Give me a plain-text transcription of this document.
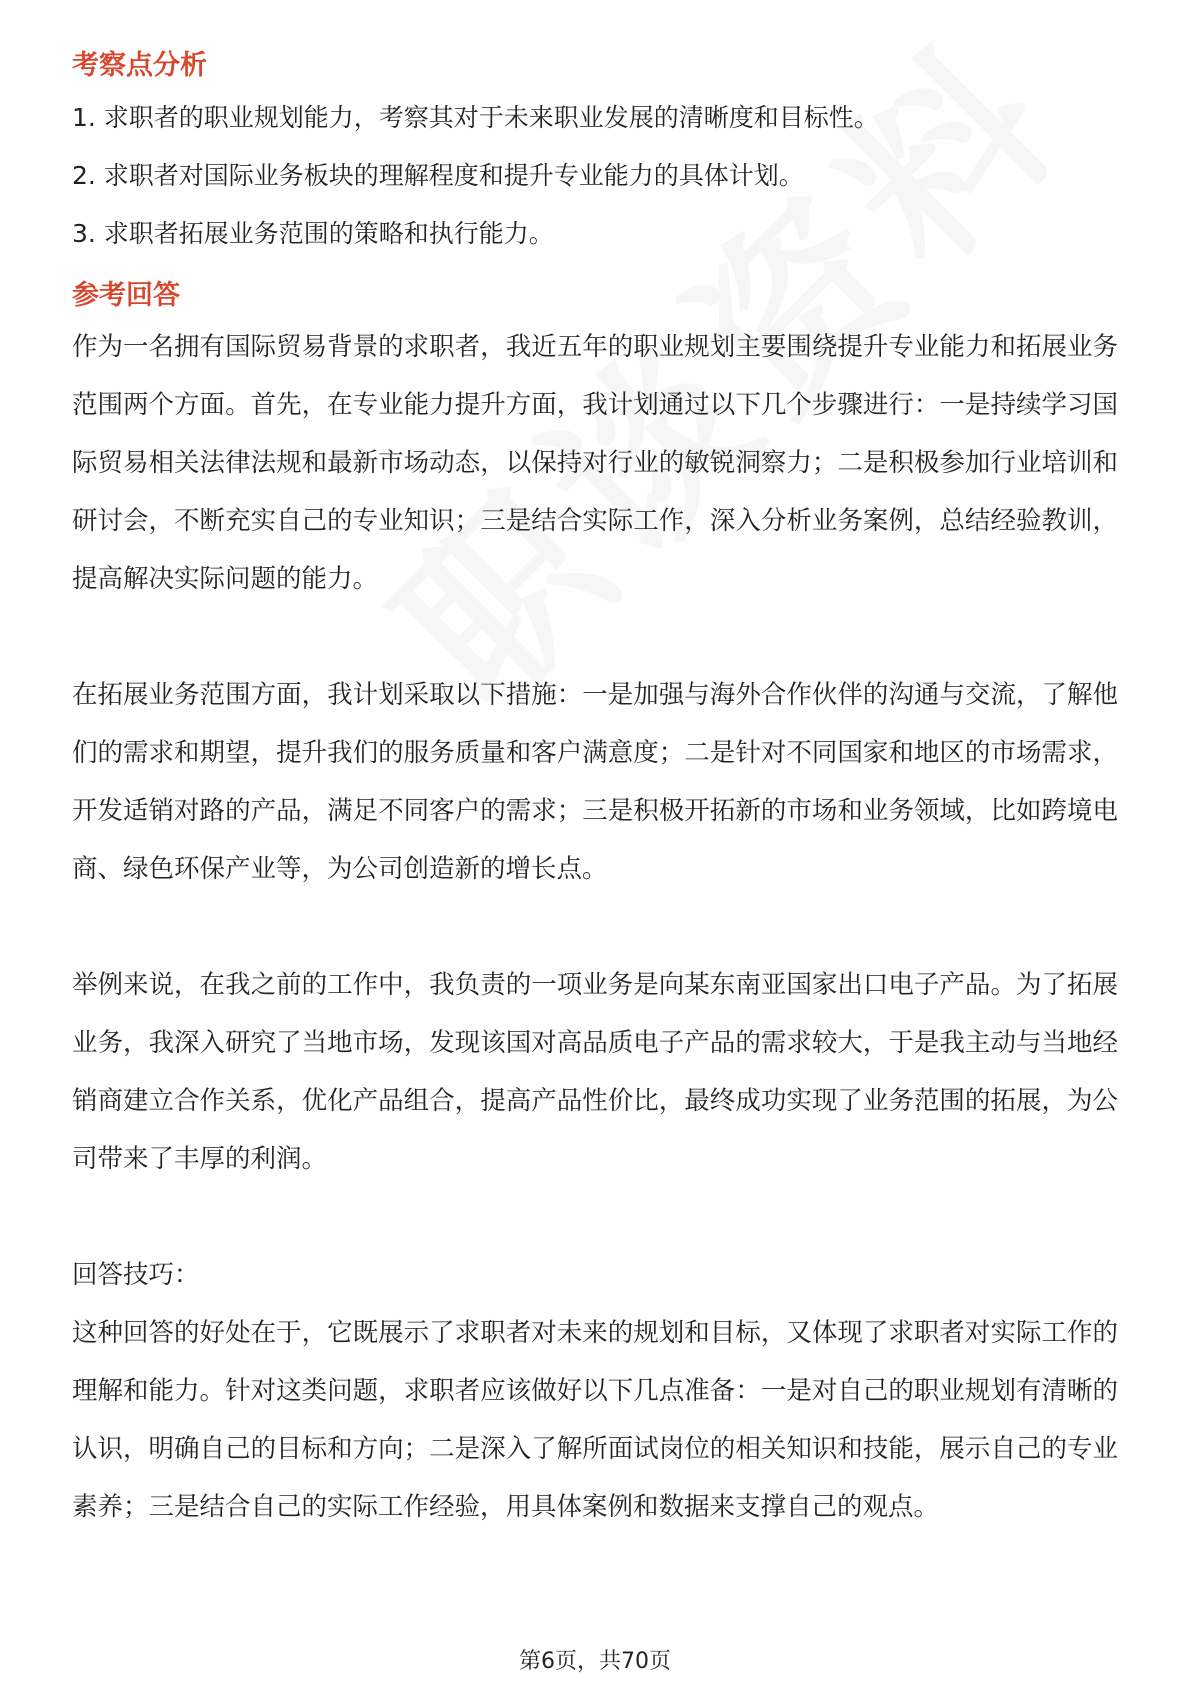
考察点分析

1. 求职者的职业规划能力，考察其对于未来职业发展的清晰度和目标性。

2. 求职者对国际业务板块的理解程度和提升专业能力的具体计划。

3. 求职者拓展业务范围的策略和执行能力。

参考回答

作为一名拥有国际贸易背景的求职者，我近五年的职业规划主要围绕提升专业能力和拓展业务范围两个方面。首先，在专业能力提升方面，我计划通过以下几个步骤进行：一是持续学习国际贸易相关法律法规和最新市场动态，以保持对行业的敏锐洞察力；二是积极参加行业培训和研讨会，不断充实自己的专业知识；三是结合实际工作，深入分析业务案例，总结经验教训，提高解决实际问题的能力。

在拓展业务范围方面，我计划采取以下措施：一是加强与海外合作伙伴的沟通与交流，了解他们的需求和期望，提升我们的服务质量和客户满意度；二是针对不同国家和地区的市场需求，开发适销对路的产品，满足不同客户的需求；三是积极开拓新的市场和业务领域，比如跨境电商、绿色环保产业等，为公司创造新的增长点。

举例来说，在我之前的工作中，我负责的一项业务是向某东南亚国家出口电子产品。为了拓展业务，我深入研究了当地市场，发现该国对高品质电子产品的需求较大，于是我主动与当地经销商建立合作关系，优化产品组合，提高产品性价比，最终成功实现了业务范围的拓展，为公司带来了丰厚的利润。

回答技巧：

这种回答的好处在于，它既展示了求职者对未来的规划和目标，又体现了求职者对实际工作的理解和能力。针对这类问题，求职者应该做好以下几点准备：一是对自己的职业规划有清晰的认识，明确自己的目标和方向；二是深入了解所面试岗位的相关知识和技能，展示自己的专业素养；三是结合自己的实际工作经验，用具体案例和数据来支撑自己的观点。

第6页，共70页
